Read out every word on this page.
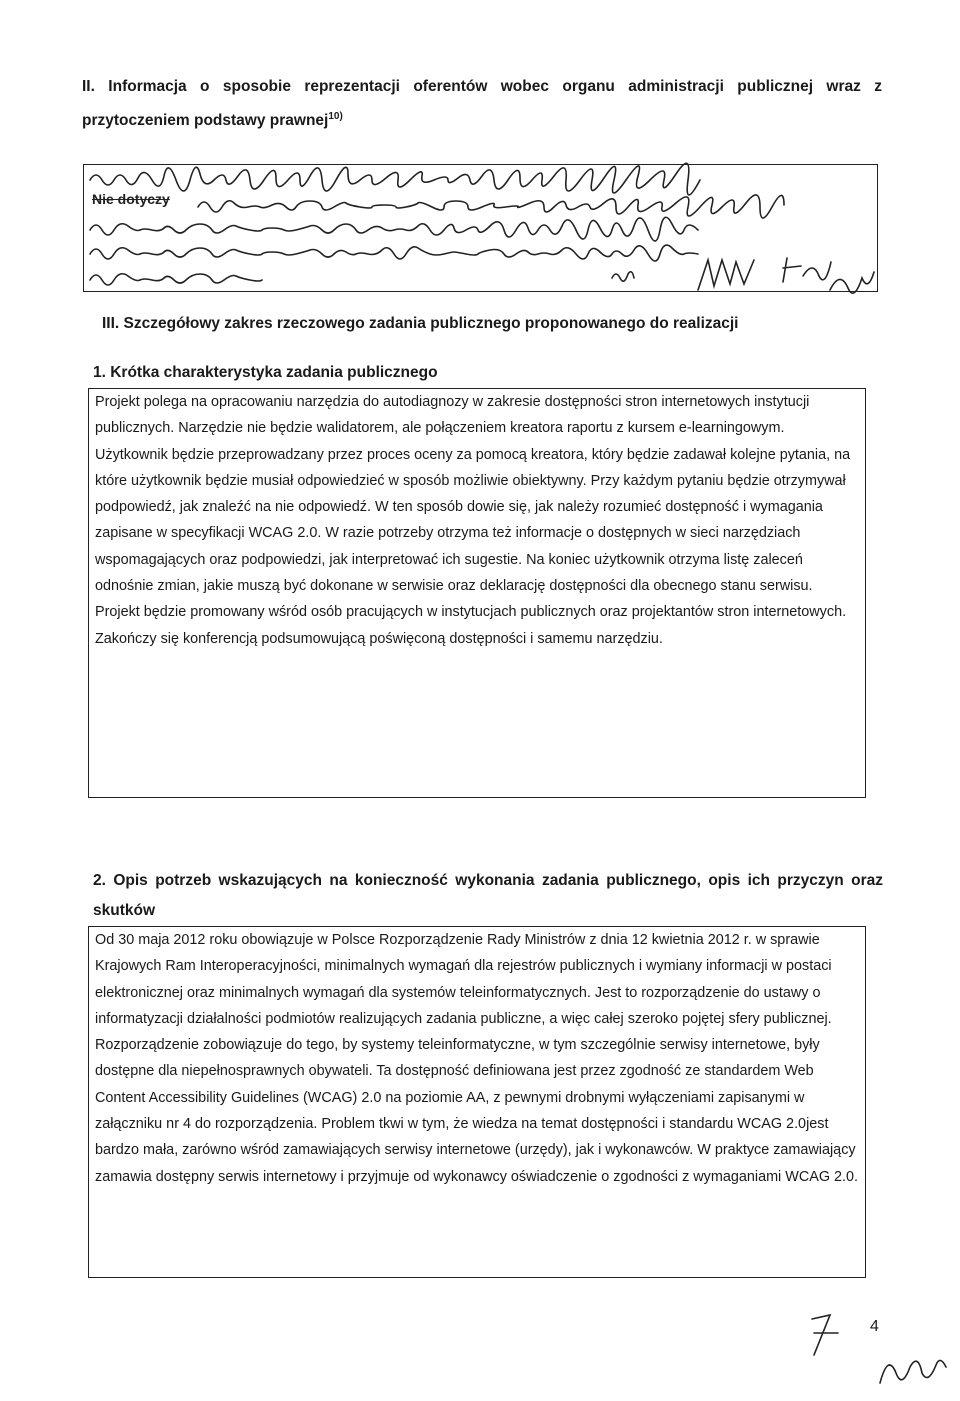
II. Informacja o sposobie reprezentacji oferentów wobec organu administracji publicznej wraz z przytoczeniem podstawy prawnej$^{10)}$
Nie dotyczy
III. Szczegółowy zakres rzeczowego zadania publicznego proponowanego do realizacji
1. Krótka charakterystyka zadania publicznego

Projekt polega na opracowaniu narzędzia do autodiagnozy w zakresie dostępności stron internetowych instytucji publicznych. Narzędzie nie będzie walidatorem, ale połączeniem kreatora raportu z kursem e-learningowym. Użytkownik będzie przeprowadzany przez proces oceny za pomocą kreatora, który będzie zadawał kolejne pytania, na które użytkownik będzie musiał odpowiedzieć w sposób możliwie obiektywny. Przy każdym pytaniu będzie otrzymywał podpowiedź, jak znaleźć na nie odpowiedź. W ten sposób dowie się, jak należy rozumieć dostępność i wymagania zapisane w specyfikacji WCAG 2.0. W razie potrzeby otrzyma też informacje o dostępnych w sieci narzędziach wspomagających oraz podpowiedzi, jak interpretować ich sugestie. Na koniec użytkownik otrzyma listę zaleceń odnośnie zmian, jakie muszą być dokonane w serwisie oraz deklarację dostępności dla obecnego stanu serwisu.

Projekt będzie promowany wśród osób pracujących w instytucjach publicznych oraz projektantów stron internetowych. Zakończy się konferencją podsumowującą poświęconą dostępności i samemu narzędziu.

2. Opis potrzeb wskazujących na konieczność wykonania zadania publicznego, opis ich przyczyn oraz skutków

Od 30 maja 2012 roku obowiązuje w Polsce Rozporządzenie Rady Ministrów z dnia 12 kwietnia 2012 r. w sprawie Krajowych Ram Interoperacyjności, minimalnych wymagań dla rejestrów publicznych i wymiany informacji w postaci elektronicznej oraz minimalnych wymagań dla systemów teleinformatycznych. Jest to rozporządzenie do ustawy o informatyzacji działalności podmiotów realizujących zadania publiczne, a więc całej szeroko pojętej sfery publicznej. Rozporządzenie zobowiązuje do tego, by systemy teleinformatyczne, w tym szczególnie serwisy internetowe, były dostępne dla niepełnosprawnych obywateli. Ta dostępność definiowana jest przez zgodność ze standardem Web Content Accessibility Guidelines (WCAG) 2.0 na poziomie AA, z pewnymi drobnymi wyłączeniami zapisanymi w załączniku nr 4 do rozporządzenia. Problem tkwi w tym, że wiedza na temat dostępności i standardu WCAG 2.0jest bardzo mała, zarówno wśród zamawiających serwisy internetowe (urzędy), jak i wykonawców. W praktyce zamawiający zamawia dostępny serwis internetowy i przyjmuje od wykonawcy oświadczenie o zgodności z wymaganiami WCAG 2.0.

4
